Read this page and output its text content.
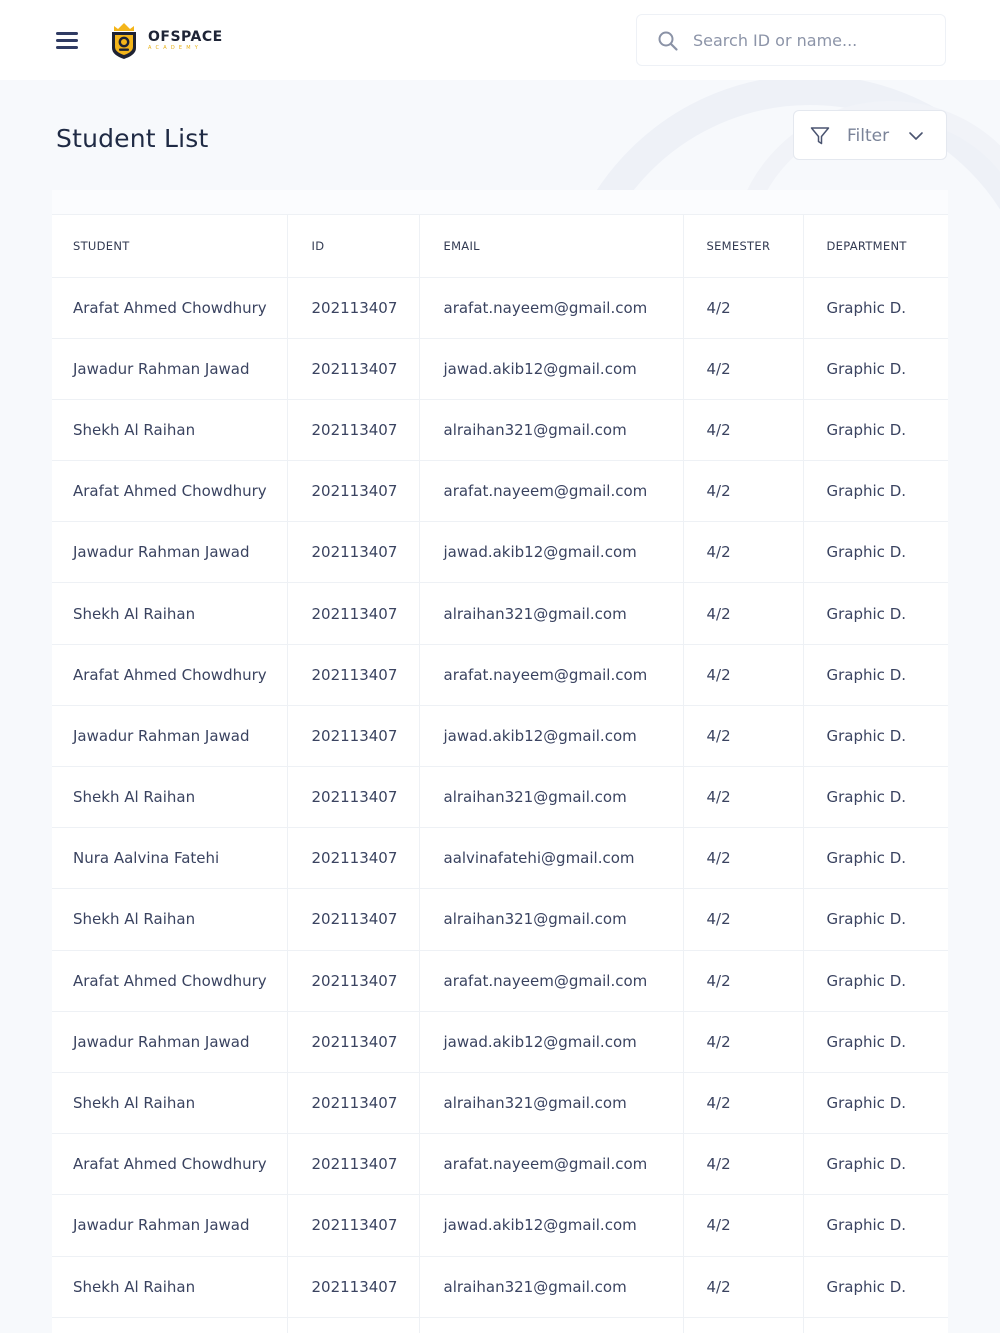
OFSPACE
ACADEMY
Search ID or name...
Student List	Filter
STUDENT	ID	EMAIL	SEMESTER	DEPARTMENT
Arafat Ahmed Chowdhury	202113407	arafat.nayeem@gmail.com	4/2	Graphic D.
Jawadur Rahman Jawad	202113407	jawad.akib12@gmail.com	4/2	Graphic D.
Shekh Al Raihan	202113407	alraihan321@gmail.com	4/2	Graphic D.
Arafat Ahmed Chowdhury	202113407	arafat.nayeem@gmail.com	4/2	Graphic D.
Jawadur Rahman Jawad	202113407	jawad.akib12@gmail.com	4/2	Graphic D.
Shekh Al Raihan	202113407	alraihan321@gmail.com	4/2	Graphic D.
Arafat Ahmed Chowdhury	202113407	arafat.nayeem@gmail.com	4/2	Graphic D.
Jawadur Rahman Jawad	202113407	jawad.akib12@gmail.com	4/2	Graphic D.
Shekh Al Raihan	202113407	alraihan321@gmail.com	4/2	Graphic D.
Nura Aalvina Fatehi	202113407	aalvinafatehi@gmail.com	4/2	Graphic D.
Shekh Al Raihan	202113407	alraihan321@gmail.com	4/2	Graphic D.
Arafat Ahmed Chowdhury	202113407	arafat.nayeem@gmail.com	4/2	Graphic D.
Jawadur Rahman Jawad	202113407	jawad.akib12@gmail.com	4/2	Graphic D.
Shekh Al Raihan	202113407	alraihan321@gmail.com	4/2	Graphic D.
Arafat Ahmed Chowdhury	202113407	arafat.nayeem@gmail.com	4/2	Graphic D.
Jawadur Rahman Jawad	202113407	jawad.akib12@gmail.com	4/2	Graphic D.
Shekh Al Raihan	202113407	alraihan321@gmail.com	4/2	Graphic D.
